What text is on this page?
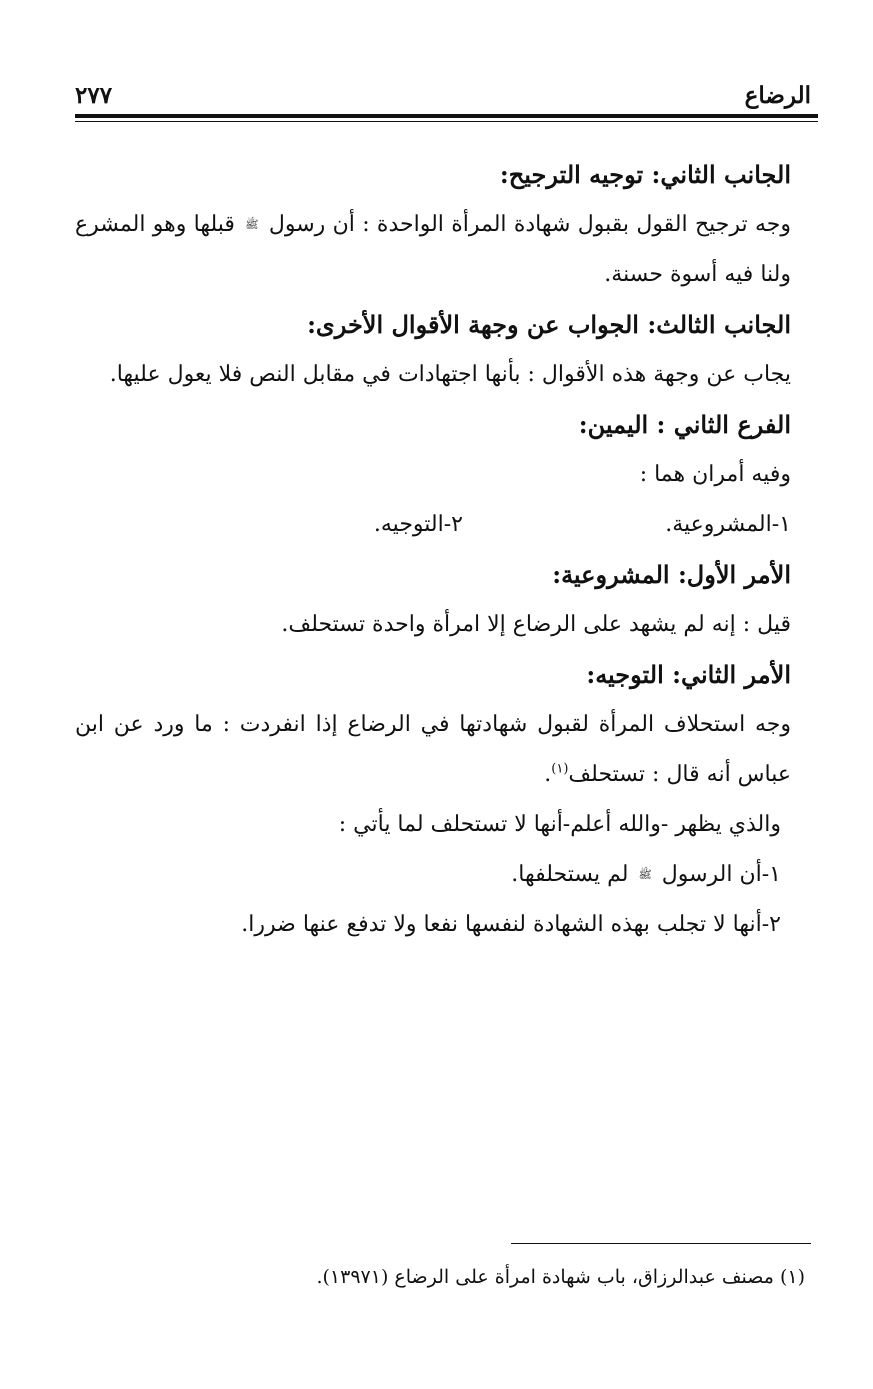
الرضاع
٢٧٧

الجانب الثاني: توجيه الترجيح:

وجه ترجيح القول بقبول شهادة المرأة الواحدة : أن رسول ﷺ قبلها وهو المشرع ولنا فيه أسوة حسنة.

الجانب الثالث: الجواب عن وجهة الأقوال الأخرى:

يجاب عن وجهة هذه الأقوال : بأنها اجتهادات في مقابل النص فلا يعول عليها.

الفرع الثاني : اليمين:

وفيه أمران هما :

١-المشروعية.
٢-التوجيه.

الأمر الأول: المشروعية:

قيل : إنه لم يشهد على الرضاع إلا امرأة واحدة تستحلف.

الأمر الثاني: التوجيه:

وجه استحلاف المرأة لقبول شهادتها في الرضاع إذا انفردت : ما ورد عن ابن عباس أنه قال : تستحلف$^{(١)}$.

والذي يظهر -والله أعلم-أنها لا تستحلف لما يأتي :

١-أن الرسول ﷺ لم يستحلفها.

٢-أنها لا تجلب بهذه الشهادة لنفسها نفعا ولا تدفع عنها ضررا.

(١) مصنف عبدالرزاق، باب شهادة امرأة على الرضاع (١٣٩٧١).
